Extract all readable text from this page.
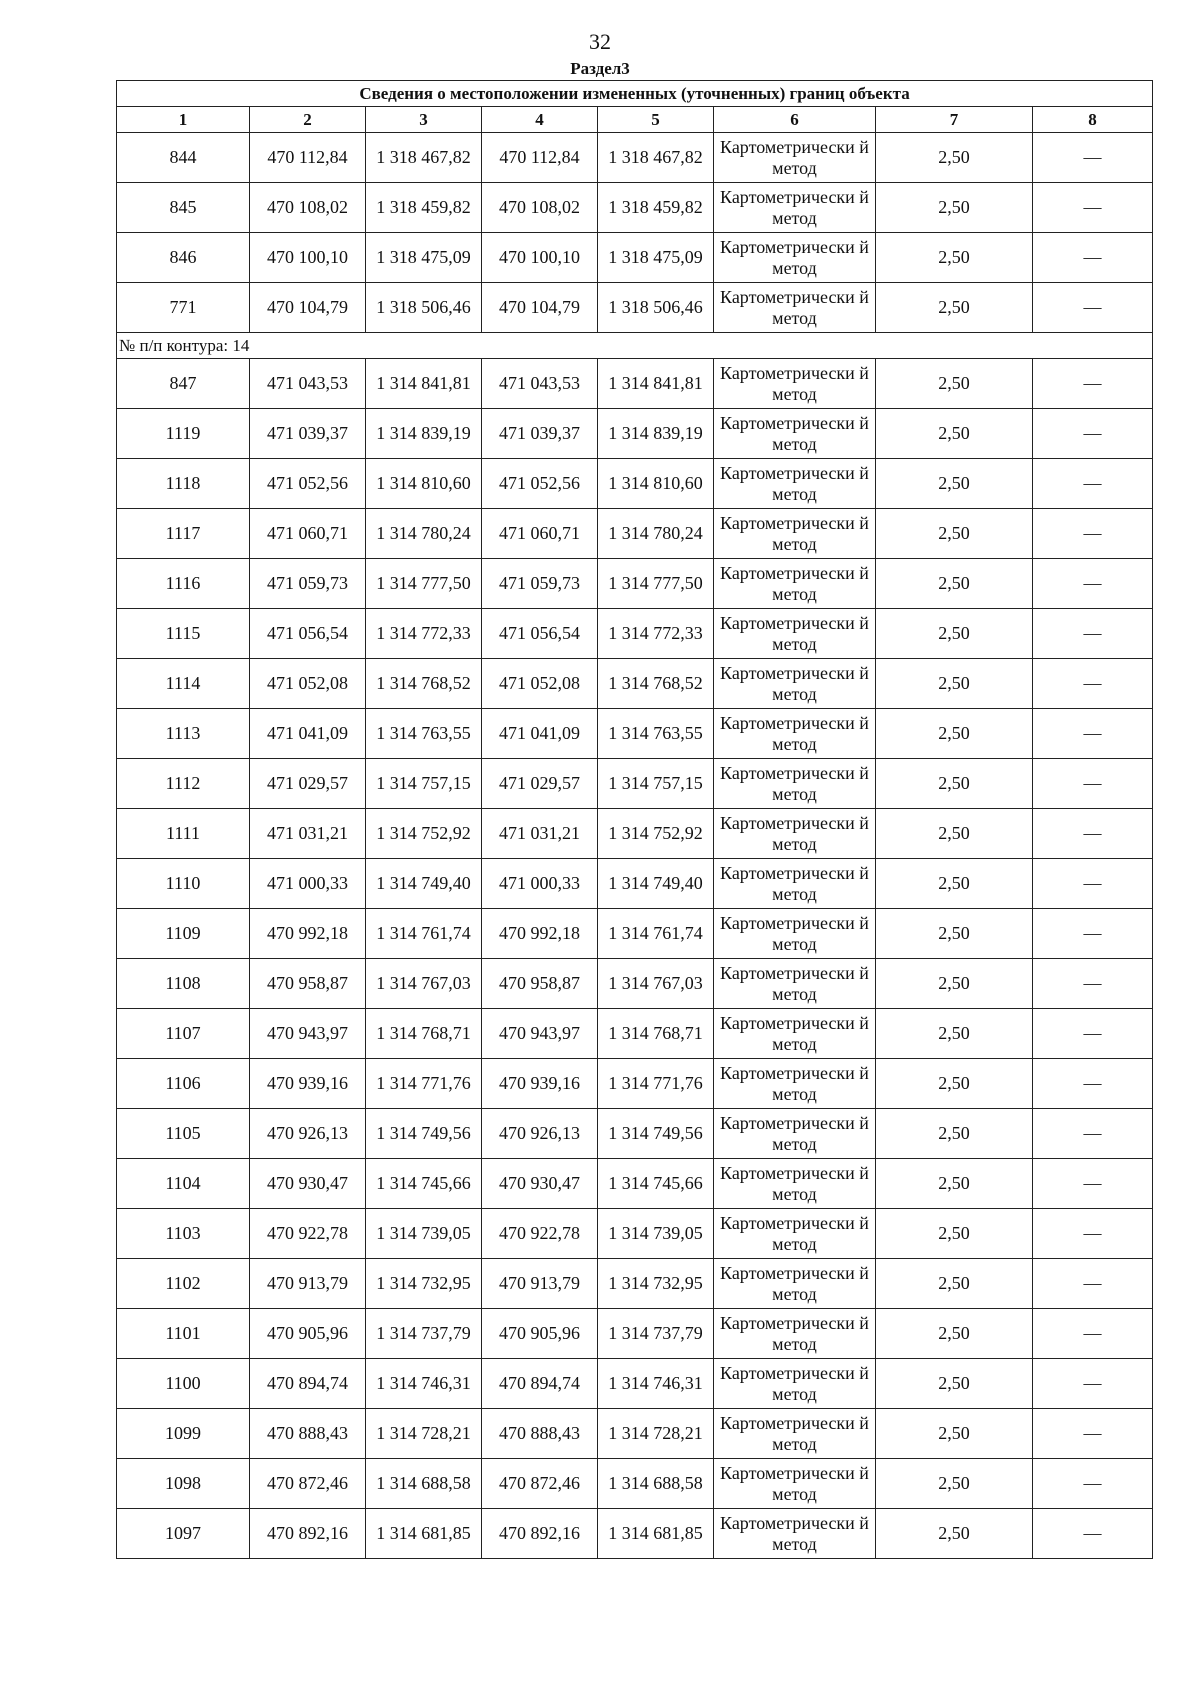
32
Раздел3
Сведения о местоположении измененных (уточненных) границ объекта							
1	2	3	4	5	6	7	8
844	470 112,84	1 318 467,82	470 112,84	1 318 467,82	Картометрически й метод	2,50	—
845	470 108,02	1 318 459,82	470 108,02	1 318 459,82	Картометрически й метод	2,50	—
846	470 100,10	1 318 475,09	470 100,10	1 318 475,09	Картометрически й метод	2,50	—
771	470 104,79	1 318 506,46	470 104,79	1 318 506,46	Картометрически й метод	2,50	—
№ п/п контура: 14							
847	471 043,53	1 314 841,81	471 043,53	1 314 841,81	Картометрически й метод	2,50	—
1119	471 039,37	1 314 839,19	471 039,37	1 314 839,19	Картометрически й метод	2,50	—
1118	471 052,56	1 314 810,60	471 052,56	1 314 810,60	Картометрически й метод	2,50	—
1117	471 060,71	1 314 780,24	471 060,71	1 314 780,24	Картометрически й метод	2,50	—
1116	471 059,73	1 314 777,50	471 059,73	1 314 777,50	Картометрически й метод	2,50	—
1115	471 056,54	1 314 772,33	471 056,54	1 314 772,33	Картометрически й метод	2,50	—
1114	471 052,08	1 314 768,52	471 052,08	1 314 768,52	Картометрически й метод	2,50	—
1113	471 041,09	1 314 763,55	471 041,09	1 314 763,55	Картометрически й метод	2,50	—
1112	471 029,57	1 314 757,15	471 029,57	1 314 757,15	Картометрически й метод	2,50	—
1111	471 031,21	1 314 752,92	471 031,21	1 314 752,92	Картометрически й метод	2,50	—
1110	471 000,33	1 314 749,40	471 000,33	1 314 749,40	Картометрически й метод	2,50	—
1109	470 992,18	1 314 761,74	470 992,18	1 314 761,74	Картометрически й метод	2,50	—
1108	470 958,87	1 314 767,03	470 958,87	1 314 767,03	Картометрически й метод	2,50	—
1107	470 943,97	1 314 768,71	470 943,97	1 314 768,71	Картометрически й метод	2,50	—
1106	470 939,16	1 314 771,76	470 939,16	1 314 771,76	Картометрически й метод	2,50	—
1105	470 926,13	1 314 749,56	470 926,13	1 314 749,56	Картометрически й метод	2,50	—
1104	470 930,47	1 314 745,66	470 930,47	1 314 745,66	Картометрически й метод	2,50	—
1103	470 922,78	1 314 739,05	470 922,78	1 314 739,05	Картометрически й метод	2,50	—
1102	470 913,79	1 314 732,95	470 913,79	1 314 732,95	Картометрически й метод	2,50	—
1101	470 905,96	1 314 737,79	470 905,96	1 314 737,79	Картометрически й метод	2,50	—
1100	470 894,74	1 314 746,31	470 894,74	1 314 746,31	Картометрически й метод	2,50	—
1099	470 888,43	1 314 728,21	470 888,43	1 314 728,21	Картометрически й метод	2,50	—
1098	470 872,46	1 314 688,58	470 872,46	1 314 688,58	Картометрически й метод	2,50	—
1097	470 892,16	1 314 681,85	470 892,16	1 314 681,85	Картометрически й метод	2,50	—
